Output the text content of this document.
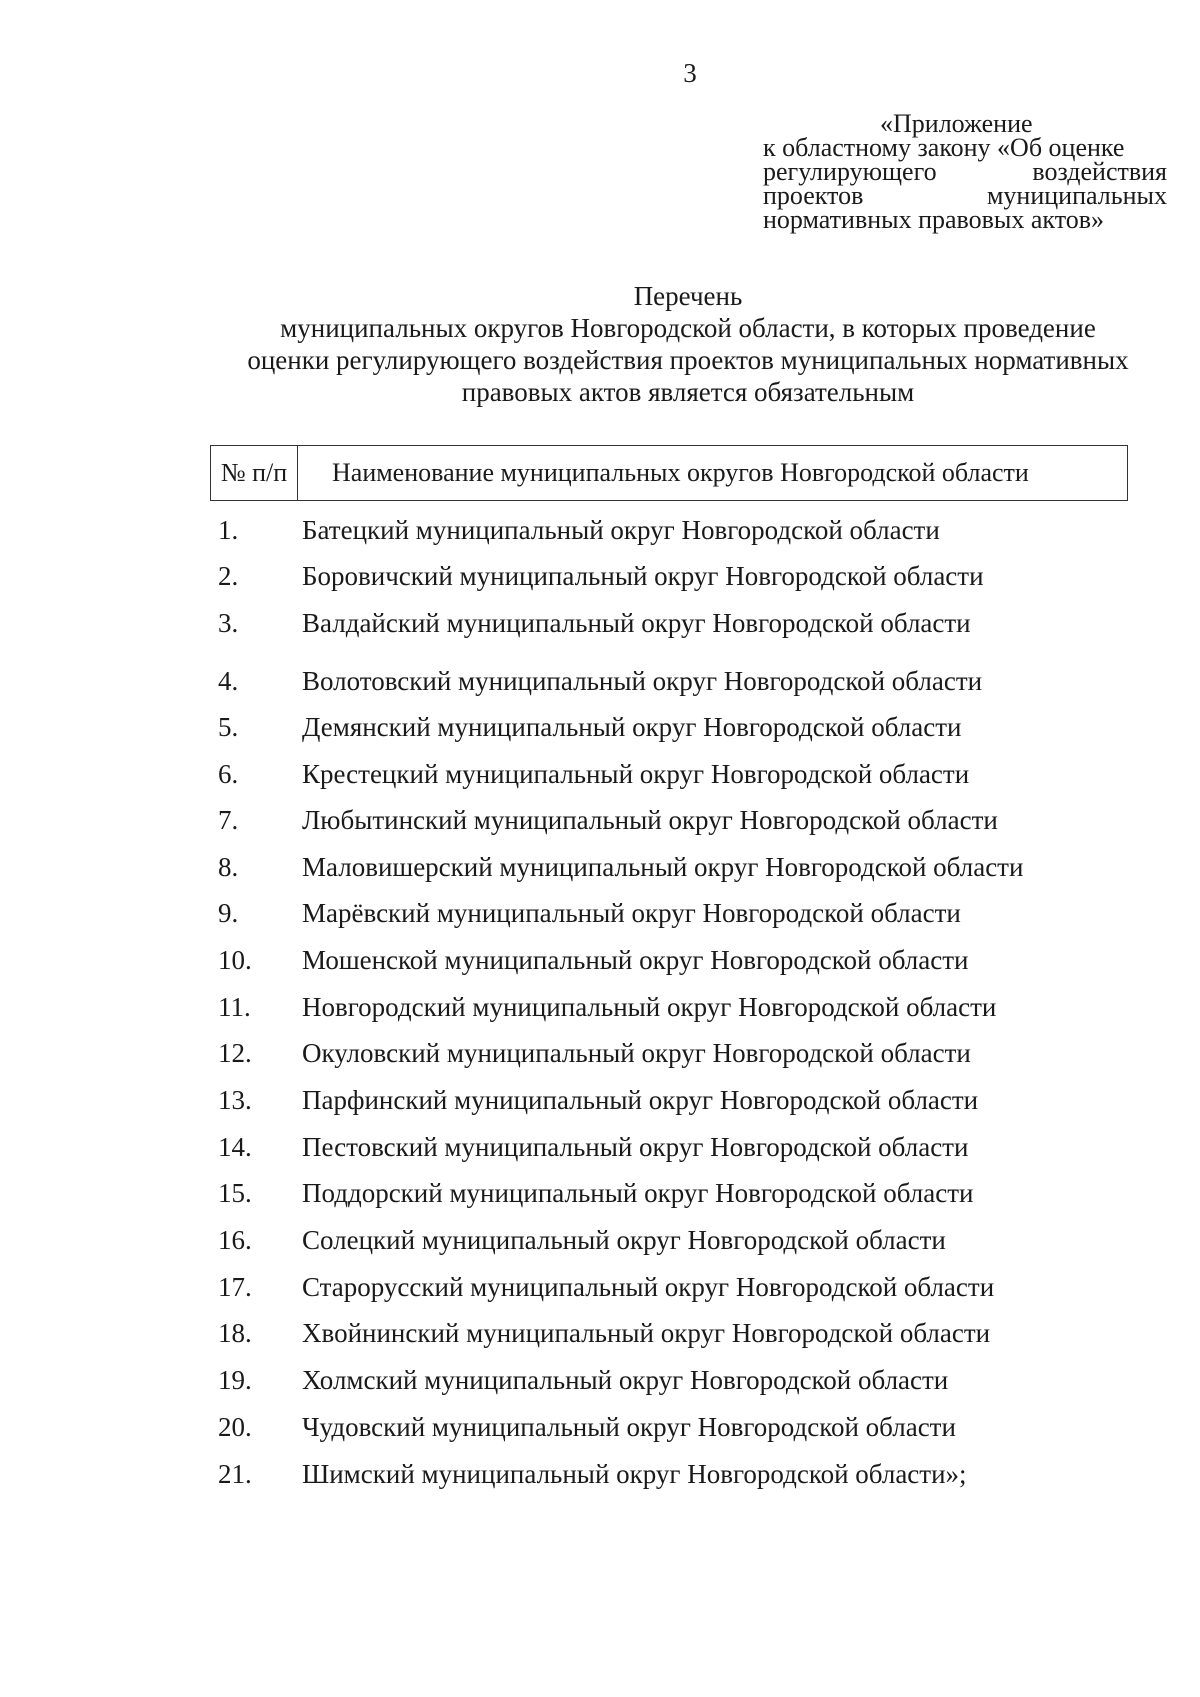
3
«Приложение
к областному закону «Об оценке
регулирующего воздействия
проектов муниципальных
нормативных правовых актов»
Перечень
муниципальных округов Новгородской области, в которых проведение
оценки регулирующего воздействия проектов муниципальных нормативных
правовых актов является обязательным
№ п/п	Наименование муниципальных округов Новгородской области
1.	Батецкий муниципальный округ Новгородской области
2.	Боровичский муниципальный округ Новгородской области
3.	Валдайский муниципальный округ Новгородской области
4.	Волотовский муниципальный округ Новгородской области
5.	Демянский муниципальный округ Новгородской области
6.	Крестецкий муниципальный округ Новгородской области
7.	Любытинский муниципальный округ Новгородской области
8.	Маловишерский муниципальный округ Новгородской области
9.	Марёвский муниципальный округ Новгородской области
10.	Мошенской муниципальный округ Новгородской области
11.	Новгородский муниципальный округ Новгородской области
12.	Окуловский муниципальный округ Новгородской области
13.	Парфинский муниципальный округ Новгородской области
14.	Пестовский муниципальный округ Новгородской области
15.	Поддорский муниципальный округ Новгородской области
16.	Солецкий муниципальный округ Новгородской области
17.	Старорусский муниципальный округ Новгородской области
18.	Хвойнинский муниципальный округ Новгородской области
19.	Холмский муниципальный округ Новгородской области
20.	Чудовский муниципальный округ Новгородской области
21.	Шимский муниципальный округ Новгородской области»;
